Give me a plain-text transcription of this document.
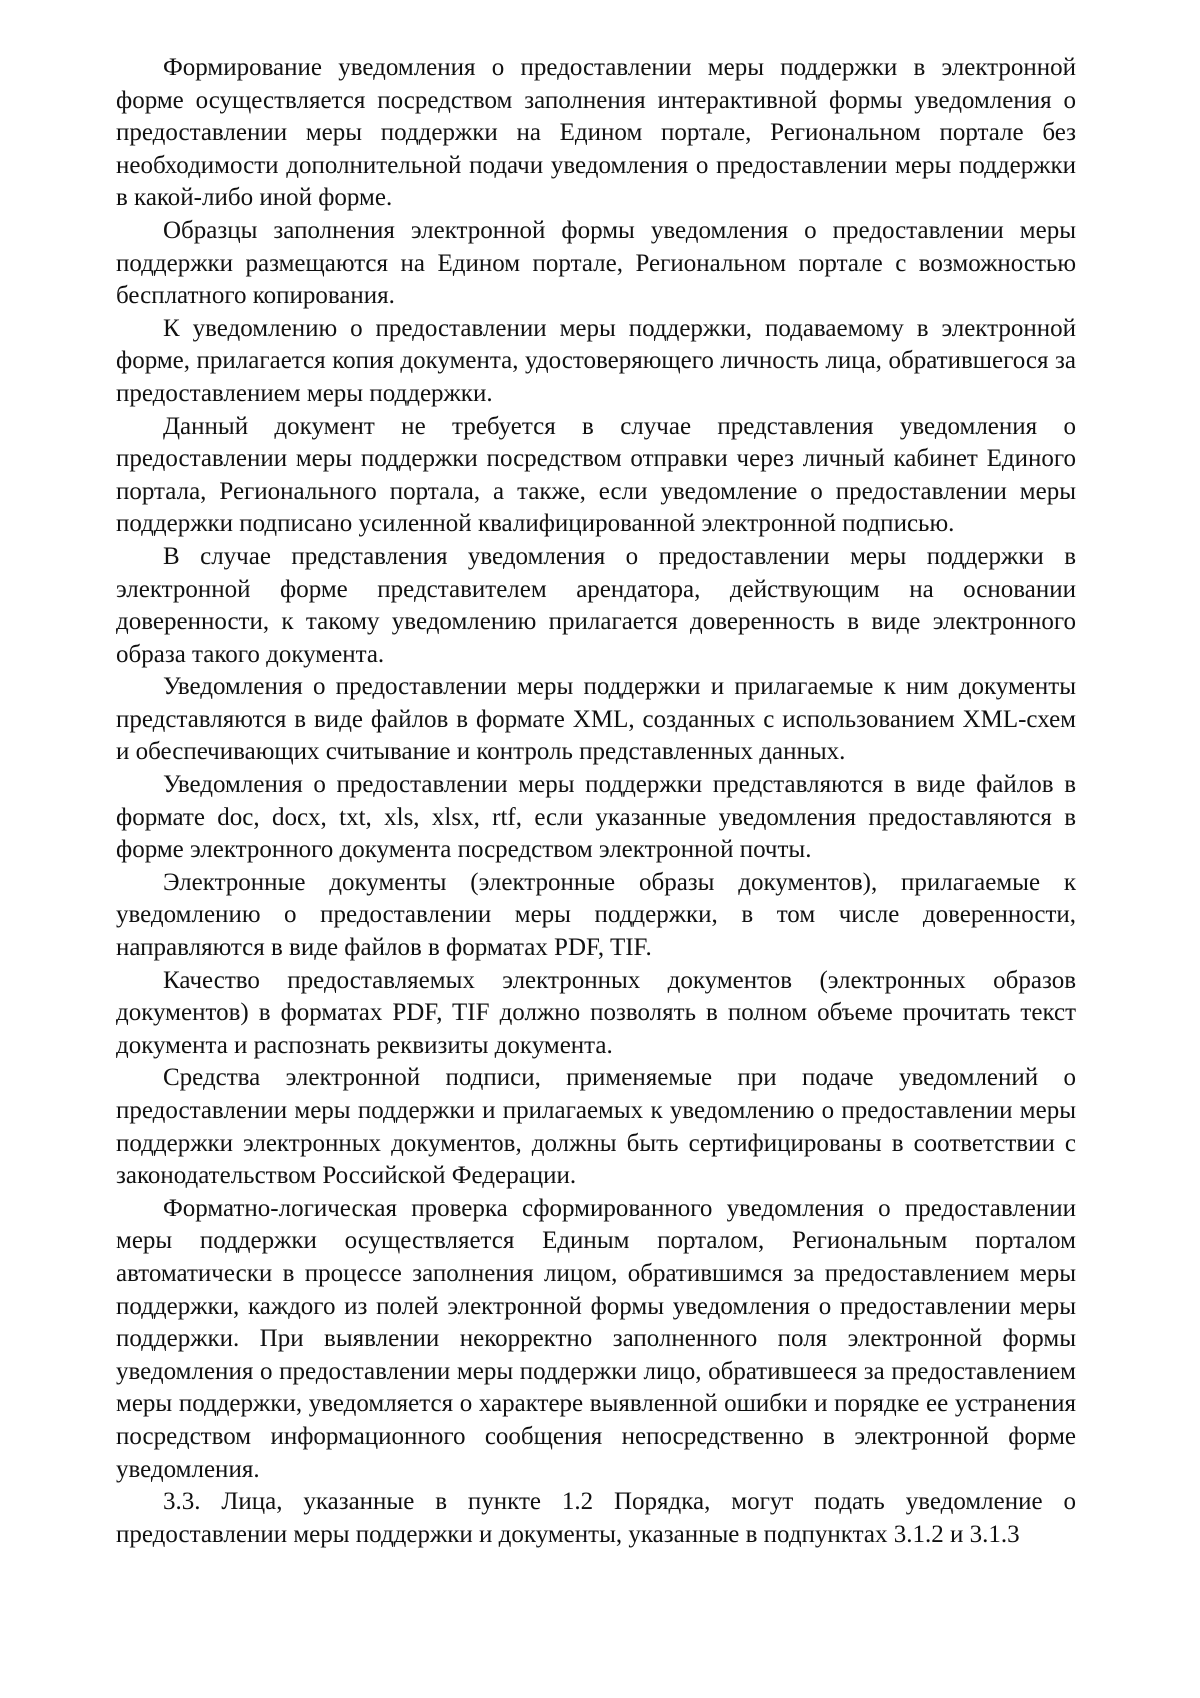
Формирование уведомления о предоставлении меры поддержки в электронной форме осуществляется посредством заполнения интерактивной формы уведомления о предоставлении меры поддержки на Едином портале, Региональном портале без необходимости дополнительной подачи уведомления о предоставлении меры поддержки в какой-либо иной форме.

Образцы заполнения электронной формы уведомления о предоставлении меры поддержки размещаются на Едином портале, Региональном портале с возможностью бесплатного копирования.

К уведомлению о предоставлении меры поддержки, подаваемому в электронной форме, прилагается копия документа, удостоверяющего личность лица, обратившегося за предоставлением меры поддержки.

Данный документ не требуется в случае представления уведомления о предоставлении меры поддержки посредством отправки через личный кабинет Единого портала, Регионального портала, а также, если уведомление о предоставлении меры поддержки подписано усиленной квалифицированной электронной подписью.

В случае представления уведомления о предоставлении меры поддержки в электронной форме представителем арендатора, действующим на основании доверенности, к такому уведомлению прилагается доверенность в виде электронного образа такого документа.

Уведомления о предоставлении меры поддержки и прилагаемые к ним документы представляются в виде файлов в формате XML, созданных с использованием XML-схем и обеспечивающих считывание и контроль представленных данных.

Уведомления о предоставлении меры поддержки представляются в виде файлов в формате doc, docx, txt, xls, xlsx, rtf, если указанные уведомления предоставляются в форме электронного документа посредством электронной почты.

Электронные документы (электронные образы документов), прилагаемые к уведомлению о предоставлении меры поддержки, в том числе доверенности, направляются в виде файлов в форматах PDF, TIF.

Качество предоставляемых электронных документов (электронных образов документов) в форматах PDF, TIF должно позволять в полном объеме прочитать текст документа и распознать реквизиты документа.

Средства электронной подписи, применяемые при подаче уведомлений о предоставлении меры поддержки и прилагаемых к уведомлению о предоставлении меры поддержки электронных документов, должны быть сертифицированы в соответствии с законодательством Российской Федерации.

Форматно-логическая проверка сформированного уведомления о предоставлении меры поддержки осуществляется Единым порталом, Региональным порталом автоматически в процессе заполнения лицом, обратившимся за предоставлением меры поддержки, каждого из полей электронной формы уведомления о предоставлении меры поддержки. При выявлении некорректно заполненного поля электронной формы уведомления о предоставлении меры поддержки лицо, обратившееся за предоставлением меры поддержки, уведомляется о характере выявленной ошибки и порядке ее устранения посредством информационного сообщения непосредственно в электронной форме уведомления.

3.3. Лица, указанные в пункте 1.2 Порядка, могут подать уведомление о предоставлении меры поддержки и документы, указанные в подпунктах 3.1.2 и 3.1.3
